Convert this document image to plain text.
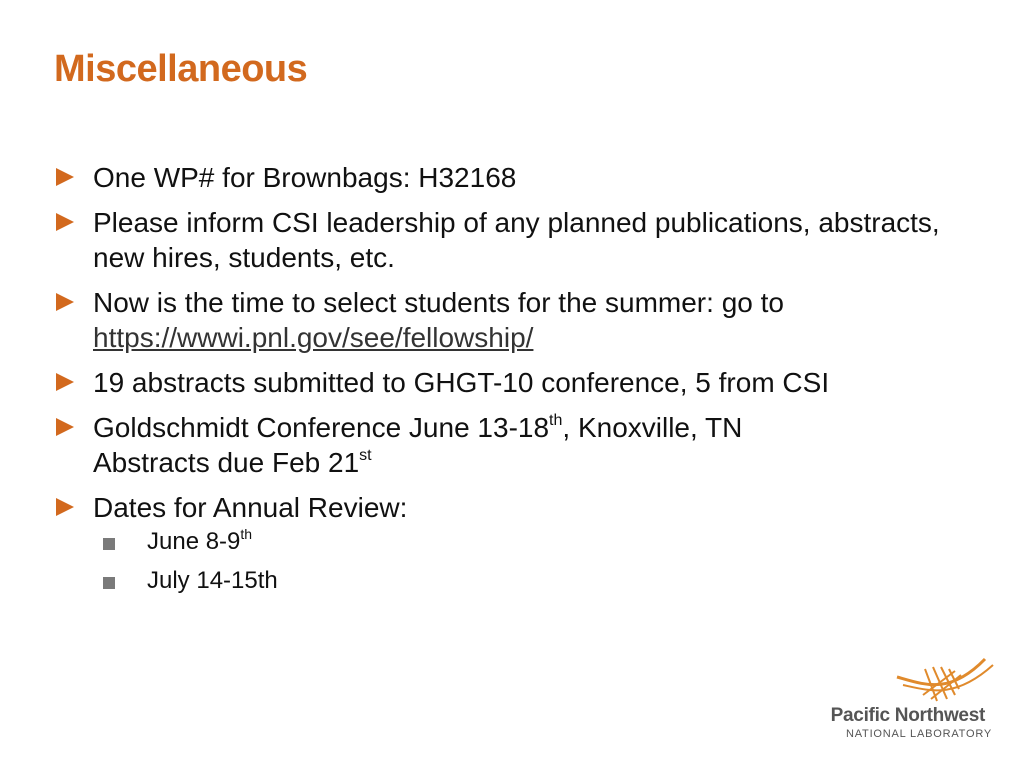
Miscellaneous
One WP# for Brownbags: H32168
Please inform CSI leadership of any planned publications, abstracts, new hires, students, etc.
Now is the time to select students for the summer: go to
https://wwwi.pnl.gov/see/fellowship/
19 abstracts submitted to GHGT-10 conference, 5 from CSI
Goldschmidt Conference June 13-18th, Knoxville, TN
Abstracts due Feb 21st
Dates for Annual Review:
June 8-9th
July 14-15th
Pacific Northwest
NATIONAL LABORATORY
